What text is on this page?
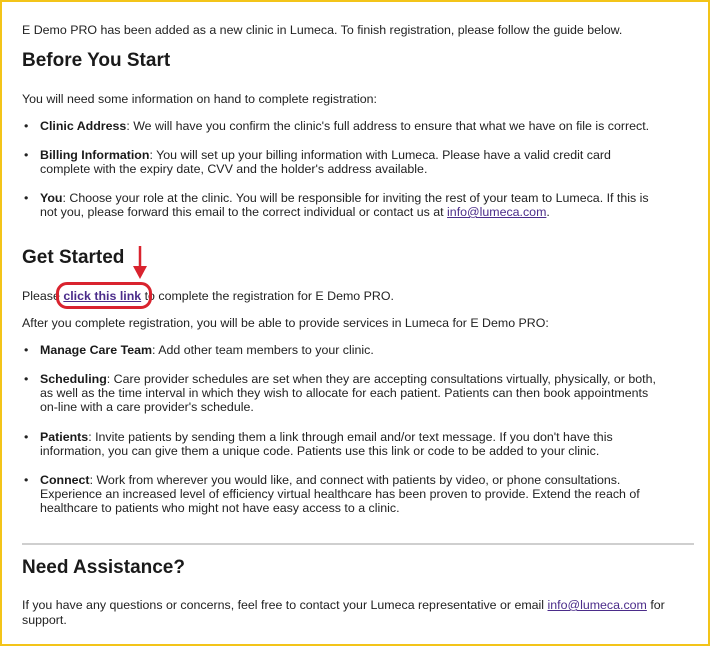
E Demo PRO has been added as a new clinic in Lumeca. To finish registration, please follow the guide below.

Before You Start

You will need some information on hand to complete registration:

• Clinic Address: We will have you confirm the clinic's full address to ensure that what we have on file is correct.
• Billing Information: You will set up your billing information with Lumeca. Please have a valid credit card
complete with the expiry date, CVV and the holder's address available.
• You: Choose your role at the clinic. You will be responsible for inviting the rest of your team to Lumeca. If this is
not you, please forward this email to the correct individual or contact us at info@lumeca.com.
Get Started

Please click this link to complete the registration for E Demo PRO.

After you complete registration, you will be able to provide services in Lumeca for E Demo PRO:

• Manage Care Team: Add other team members to your clinic.
• Scheduling: Care provider schedules are set when they are accepting consultations virtually, physically, or both,
as well as the time interval in which they wish to allocate for each patient. Patients can then book appointments
on-line with a care provider's schedule.
• Patients: Invite patients by sending them a link through email and/or text message. If you don't have this
information, you can give them a unique code. Patients use this link or code to be added to your clinic.
• Connect: Work from wherever you would like, and connect with patients by video, or phone consultations.
Experience an increased level of efficiency virtual healthcare has been proven to provide. Extend the reach of
healthcare to patients who might not have easy access to a clinic.
Need Assistance?

If you have any questions or concerns, feel free to contact your Lumeca representative or email info@lumeca.com for

support.
